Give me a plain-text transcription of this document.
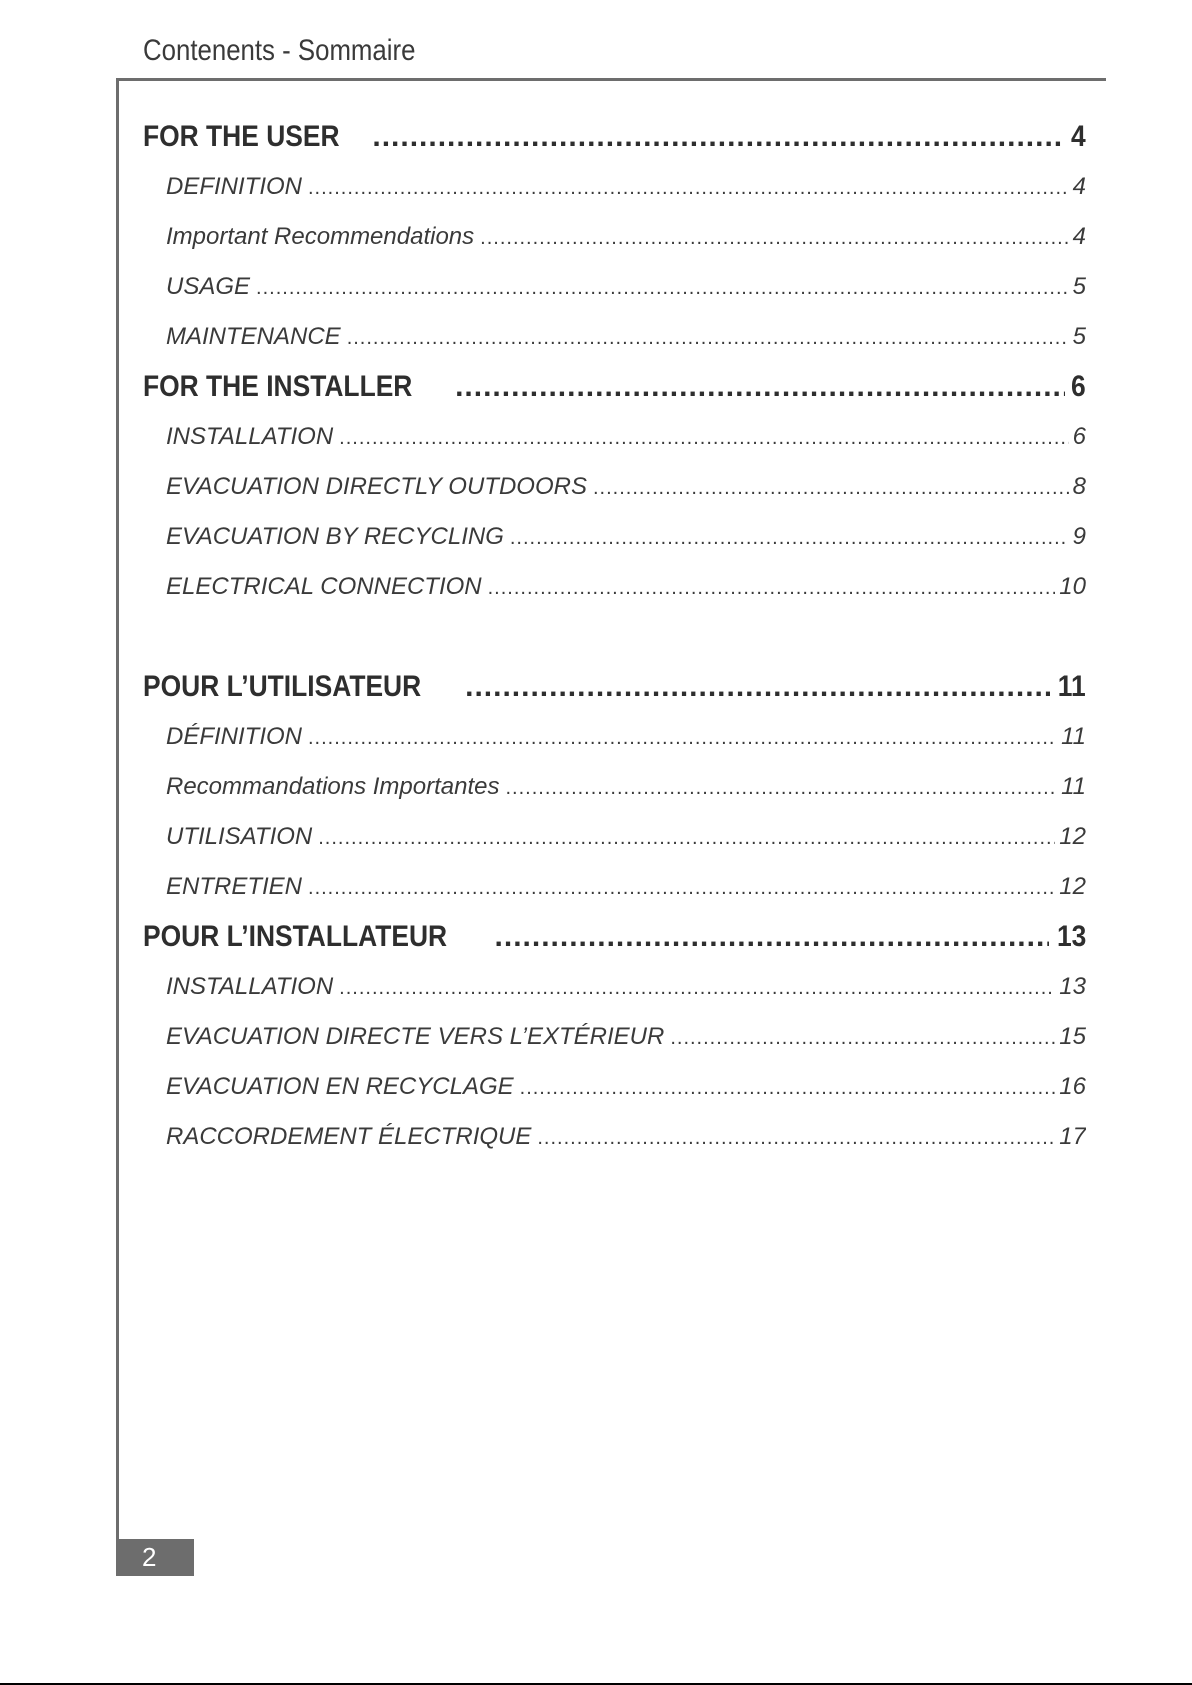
Contenents - Sommaire
FOR THE USER .....	4
DEFINITION .....	4
Important Recommendations .....	4
USAGE .....	5
MAINTENANCE .....	5
FOR THE INSTALLER .....	6
INSTALLATION .....	6
EVACUATION DIRECTLY OUTDOORS .....	8
EVACUATION BY RECYCLING .....	9
ELECTRICAL CONNECTION .....	10
POUR L’UTILISATEUR .....	11
DÉFINITION .....	11
Recommandations Importantes .....	11
UTILISATION .....	12
ENTRETIEN .....	12
POUR L’INSTALLATEUR .....	13
INSTALLATION .....	13
EVACUATION DIRECTE VERS L’EXTÉRIEUR .....	15
EVACUATION EN RECYCLAGE .....	16
RACCORDEMENT ÉLECTRIQUE .....	17
2
